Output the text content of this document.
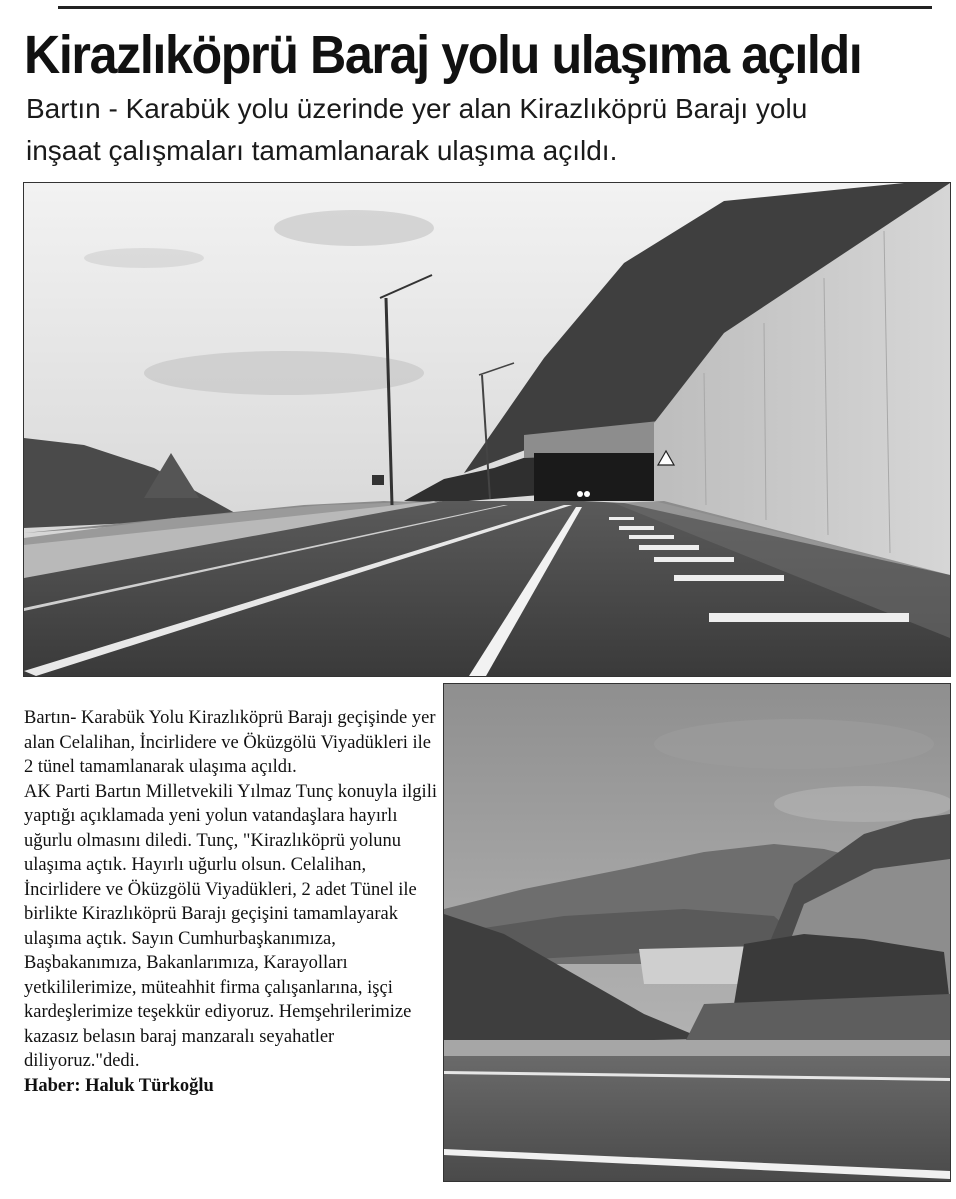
Kirazlıköprü Baraj yolu ulaşıma açıldı
Bartın - Karabük yolu üzerinde yer alan Kirazlıköprü Barajı yolu
inşaat çalışmaları tamamlanarak ulaşıma açıldı.

Bartın- Karabük Yolu Kirazlıköprü Barajı geçişinde yer alan Celalihan, İncirlidere ve Öküzgölü Viyadükleri ile 2 tünel tamamlanarak ulaşıma açıldı.

AK Parti Bartın Milletvekili Yılmaz Tunç konuyla ilgili yaptığı açıklamada yeni yolun vatandaşlara hayırlı uğurlu olmasını diledi. Tunç, "Kirazlıköprü yolunu ulaşıma açtık. Hayırlı uğurlu olsun. Celalihan, İncirlidere ve Öküzgölü Viyadükleri, 2 adet Tünel ile birlikte Kirazlıköprü Barajı geçişini tamamlayarak ulaşıma açtık. Sayın Cumhurbaşkanımıza, Başbakanımıza, Bakanlarımıza, Karayolları yetkililerimize, müteahhit firma çalışanlarına, işçi kardeşlerimize teşekkür ediyoruz. Hemşehrilerimize kazasız belasın baraj manzaralı seyahatler diliyoruz."dedi.

Haber: Haluk Türkoğlu
